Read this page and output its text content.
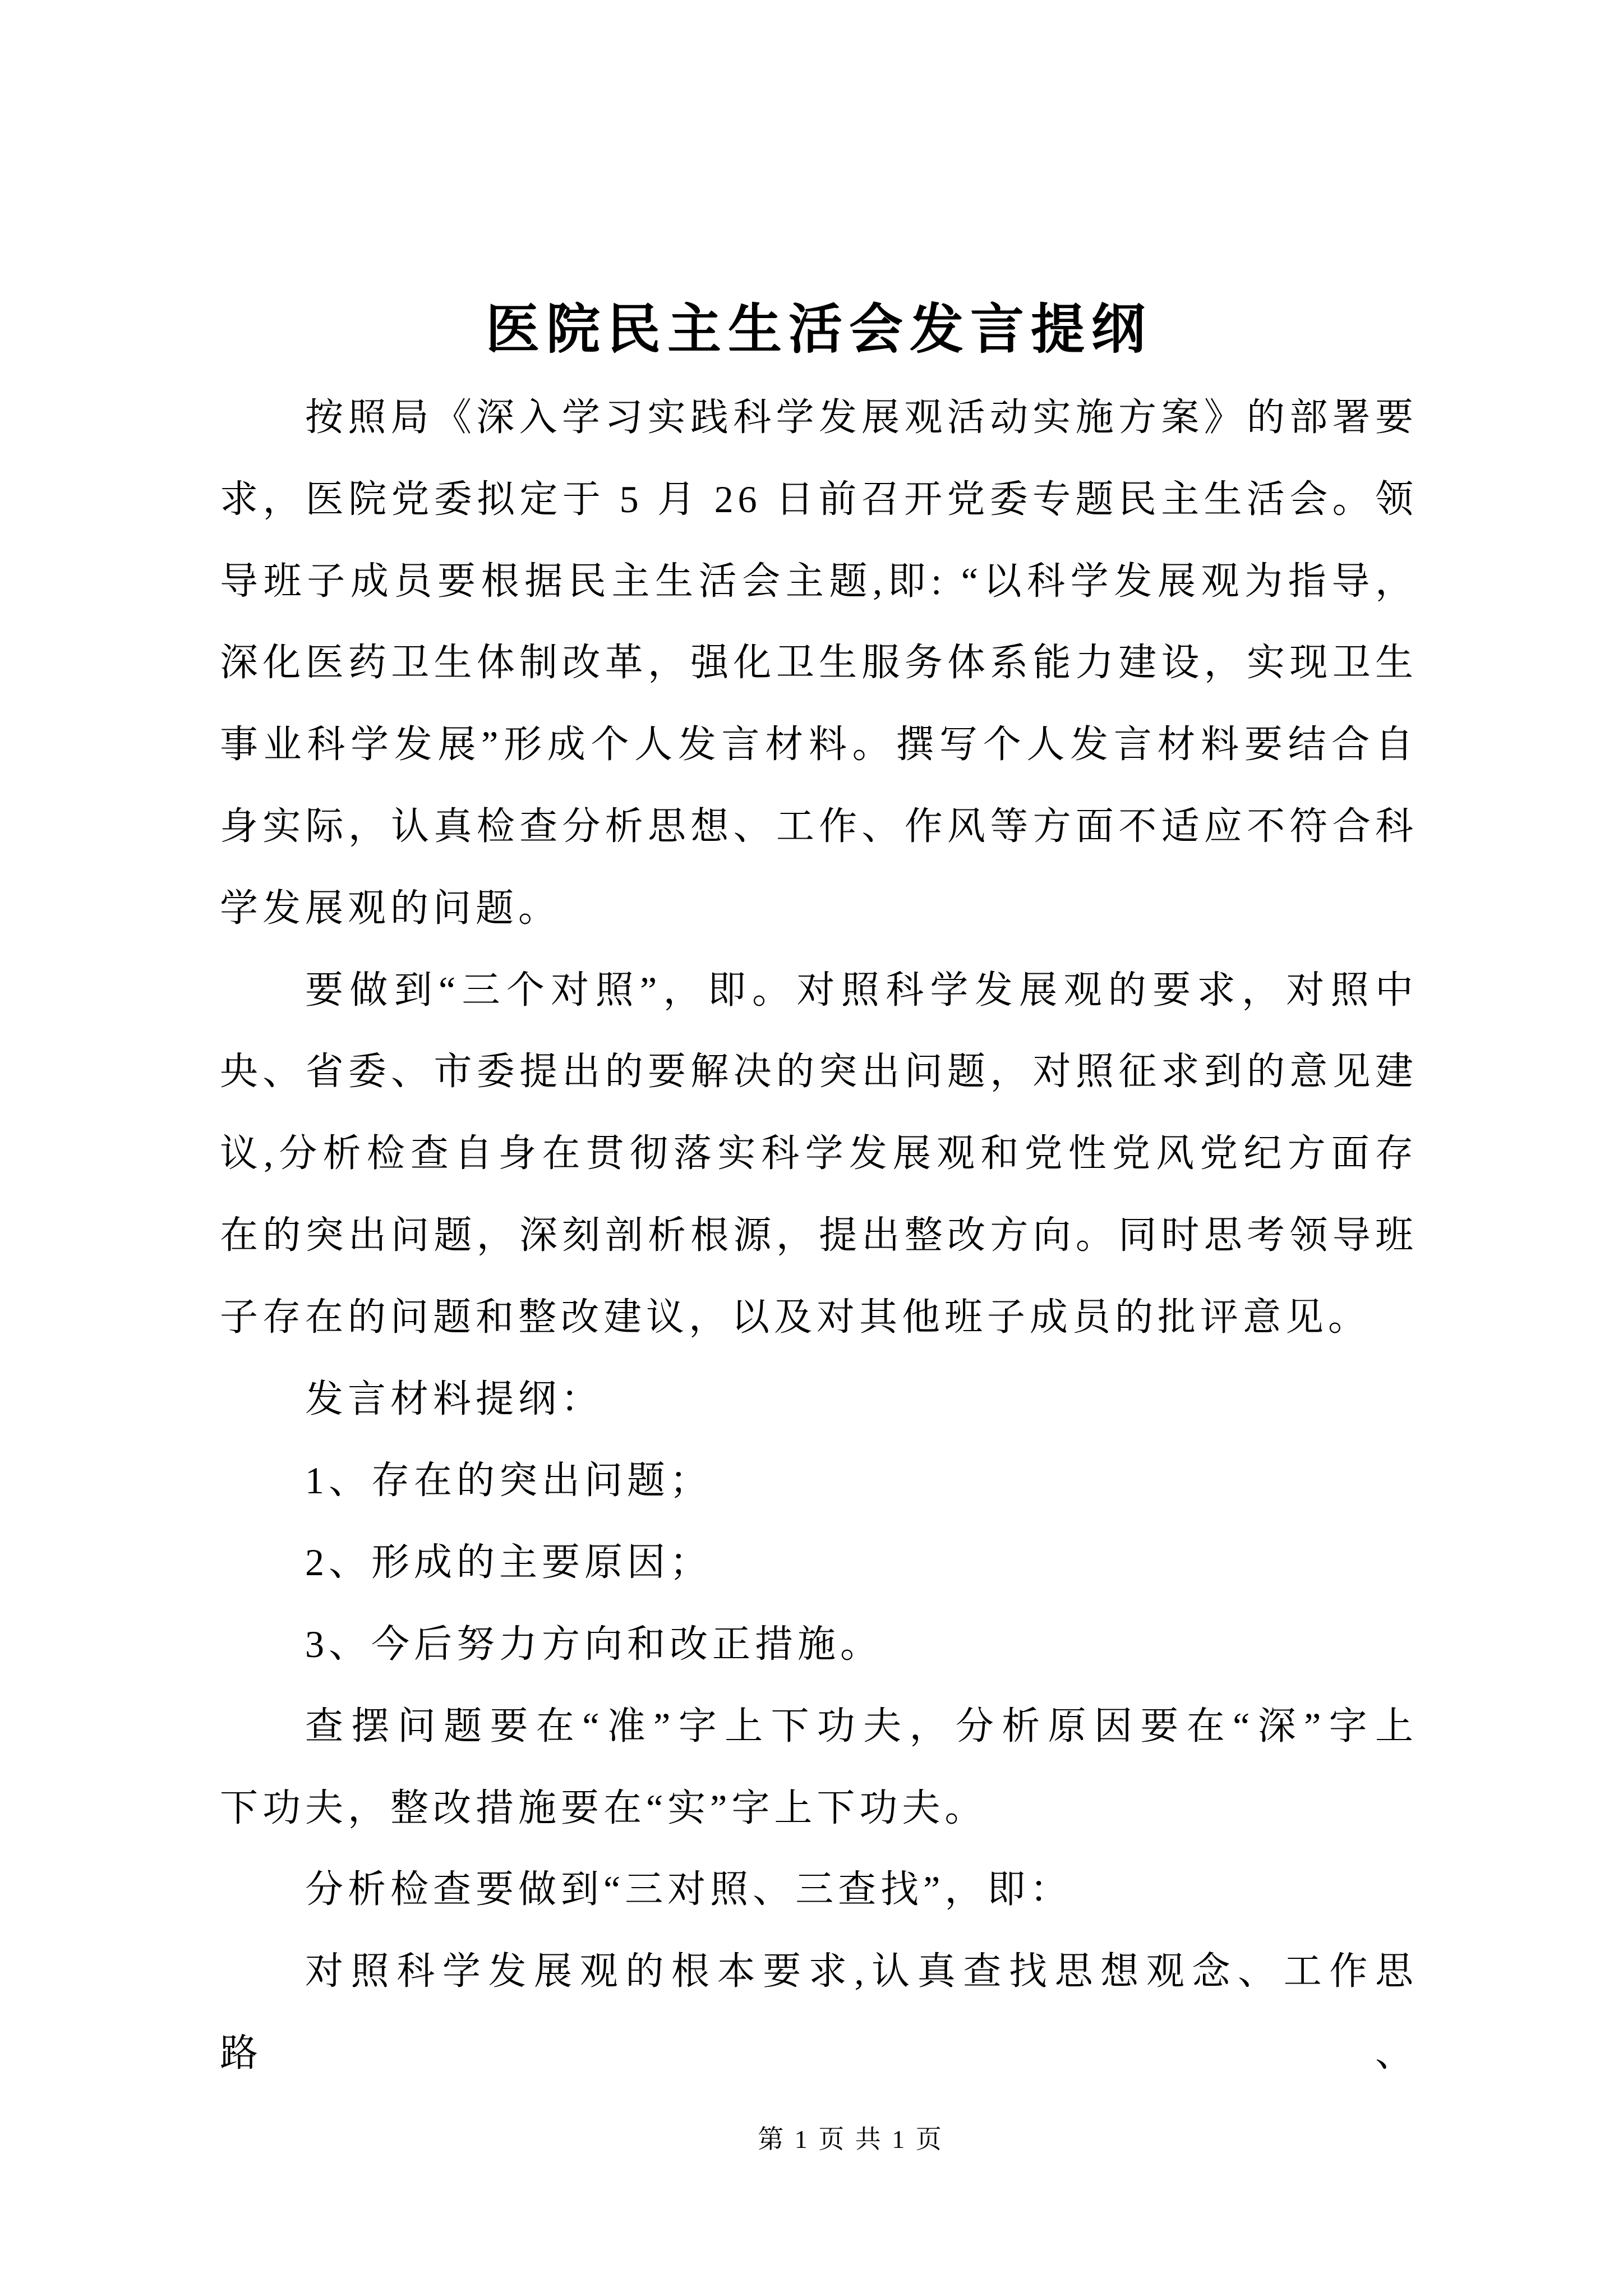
医院民主生活会发言提纲
按照局《深入学习实践科学发展观活动实施方案》的部署要
求，医院党委拟定于 5 月 26 日前召开党委专题民主生活会。领
导班子成员要根据民主生活会主题,即: “以科学发展观为指导，
深化医药卫生体制改革，强化卫生服务体系能力建设，实现卫生
事业科学发展”形成个人发言材料。撰写个人发言材料要结合自
身实际，认真检查分析思想、工作、作风等方面不适应不符合科
学发展观的问题。
要做到“三个对照”，即。对照科学发展观的要求，对照中
央、省委、市委提出的要解决的突出问题，对照征求到的意见建
议,分析检查自身在贯彻落实科学发展观和党性党风党纪方面存
在的突出问题，深刻剖析根源，提出整改方向。同时思考领导班
子存在的问题和整改建议，以及对其他班子成员的批评意见。
发言材料提纲：
1、存在的突出问题；
2、形成的主要原因；
3、今后努力方向和改正措施。
查摆问题要在“准”字上下功夫，分析原因要在“深”字上
下功夫，整改措施要在“实”字上下功夫。
分析检查要做到“三对照、三查找”，即：
对照科学发展观的根本要求,认真查找思想观念、工作思路、
第 1 页 共 1 页
